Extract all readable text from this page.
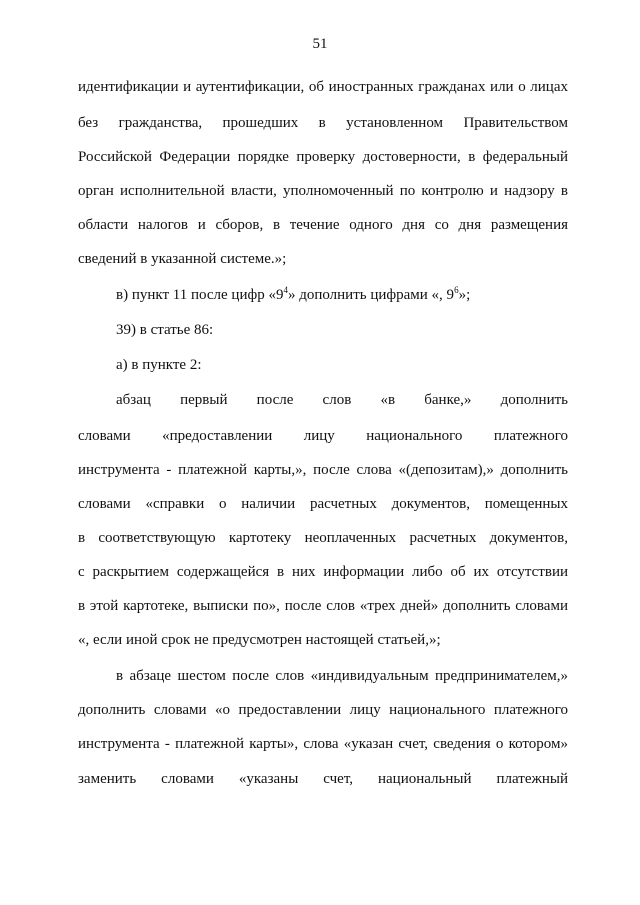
51
идентификации и аутентификации, об иностранных гражданах или о лицах
без гражданства, прошедших в установленном Правительством
Российской Федерации порядке проверку достоверности, в федеральный
орган исполнительной власти, уполномоченный по контролю и надзору в
области налогов и сборов, в течение одного дня со дня размещения
сведений в указанной системе.»;
в) пункт 11 после цифр «$9^4$» дополнить цифрами «, $9^6$»;
39) в статье 86:
а) в пункте 2:
абзац первый после слов «в банке,» дополнить
словами «предоставлении лицу национального платежного
инструмента - платежной карты,», после слова «(депозитам),» дополнить
словами «справки о наличии расчетных документов, помещенных
в соответствующую картотеку неоплаченных расчетных документов,
с раскрытием содержащейся в них информации либо об их отсутствии
в этой картотеке, выписки по», после слов «трех дней» дополнить словами
«, если иной срок не предусмотрен настоящей статьей,»;
в абзаце шестом после слов «индивидуальным предпринимателем,»
дополнить словами «о предоставлении лицу национального платежного
инструмента - платежной карты», слова «указан счет, сведения о котором»
заменить словами «указаны счет, национальный платежный
